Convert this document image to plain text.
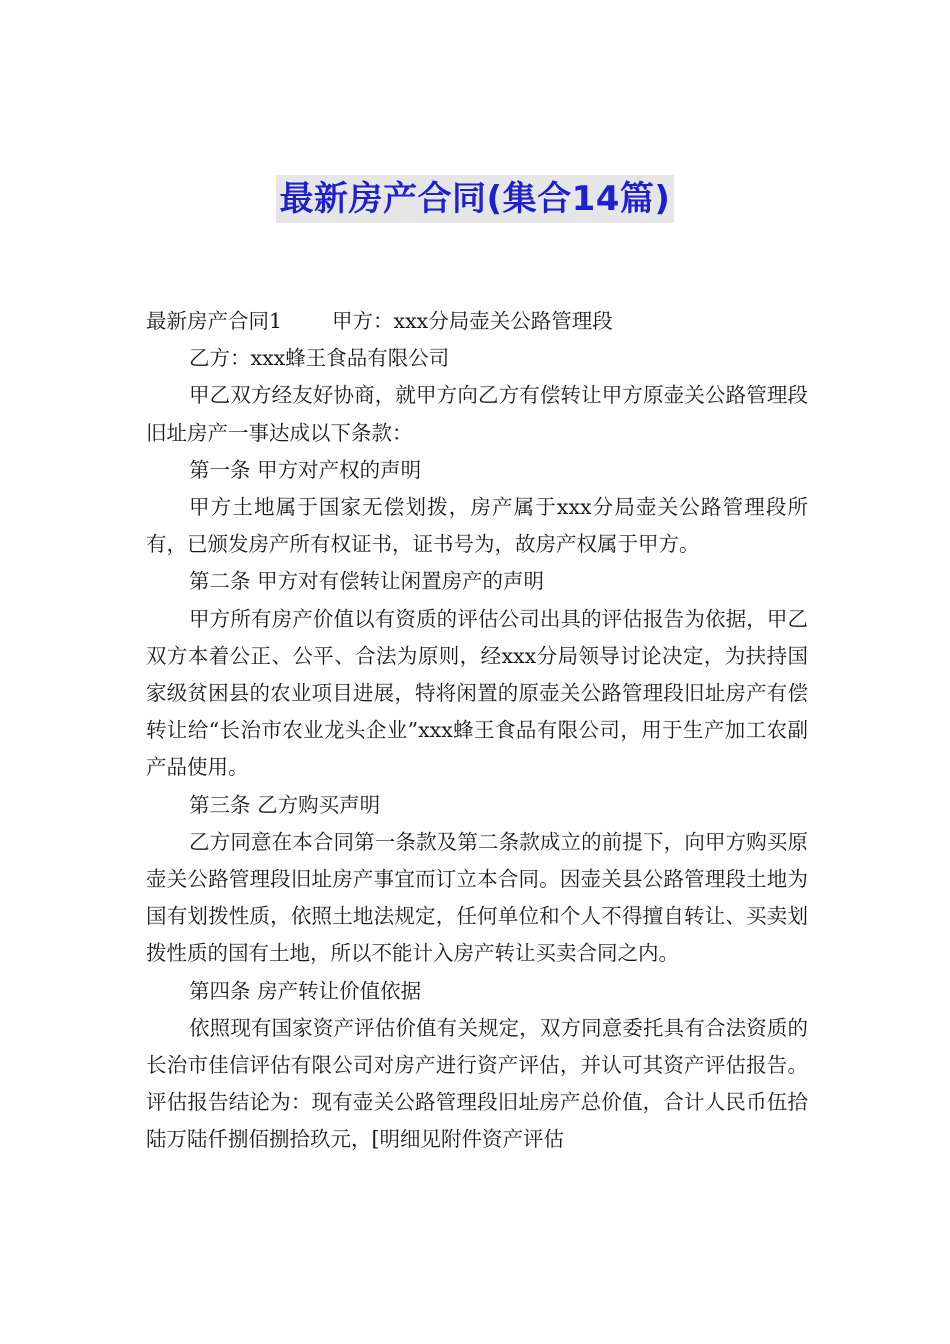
最新房产合同(集合14篇)

最新房产合同1 甲方：xxx分局壶关公路管理段

乙方：xxx蜂王食品有限公司

甲乙双方经友好协商，就甲方向乙方有偿转让甲方原壶关公路管理段旧址房产一事达成以下条款：

第一条 甲方对产权的声明

甲方土地属于国家无偿划拨，房产属于xxx分局壶关公路管理段所有，已颁发房产所有权证书，证书号为，故房产权属于甲方。

第二条 甲方对有偿转让闲置房产的声明

甲方所有房产价值以有资质的评估公司出具的评估报告为依据，甲乙双方本着公正、公平、合法为原则，经xxx分局领导讨论决定，为扶持国家级贫困县的农业项目进展，特将闲置的原壶关公路管理段旧址房产有偿转让给“长治市农业龙头企业”xxx蜂王食品有限公司，用于生产加工农副产品使用。

第三条 乙方购买声明

乙方同意在本合同第一条款及第二条款成立的前提下，向甲方购买原壶关公路管理段旧址房产事宜而订立本合同。因壶关县公路管理段土地为国有划拨性质，依照土地法规定，任何单位和个人不得擅自转让、买卖划拨性质的国有土地，所以不能计入房产转让买卖合同之内。

第四条 房产转让价值依据

依照现有国家资产评估价值有关规定，双方同意委托具有合法资质的长治市佳信评估有限公司对房产进行资产评估，并认可其资产评估报告。评估报告结论为：现有壶关公路管理段旧址房产总价值，合计人民币伍拾陆万陆仟捌佰捌拾玖元，[明细见附件资产评估
